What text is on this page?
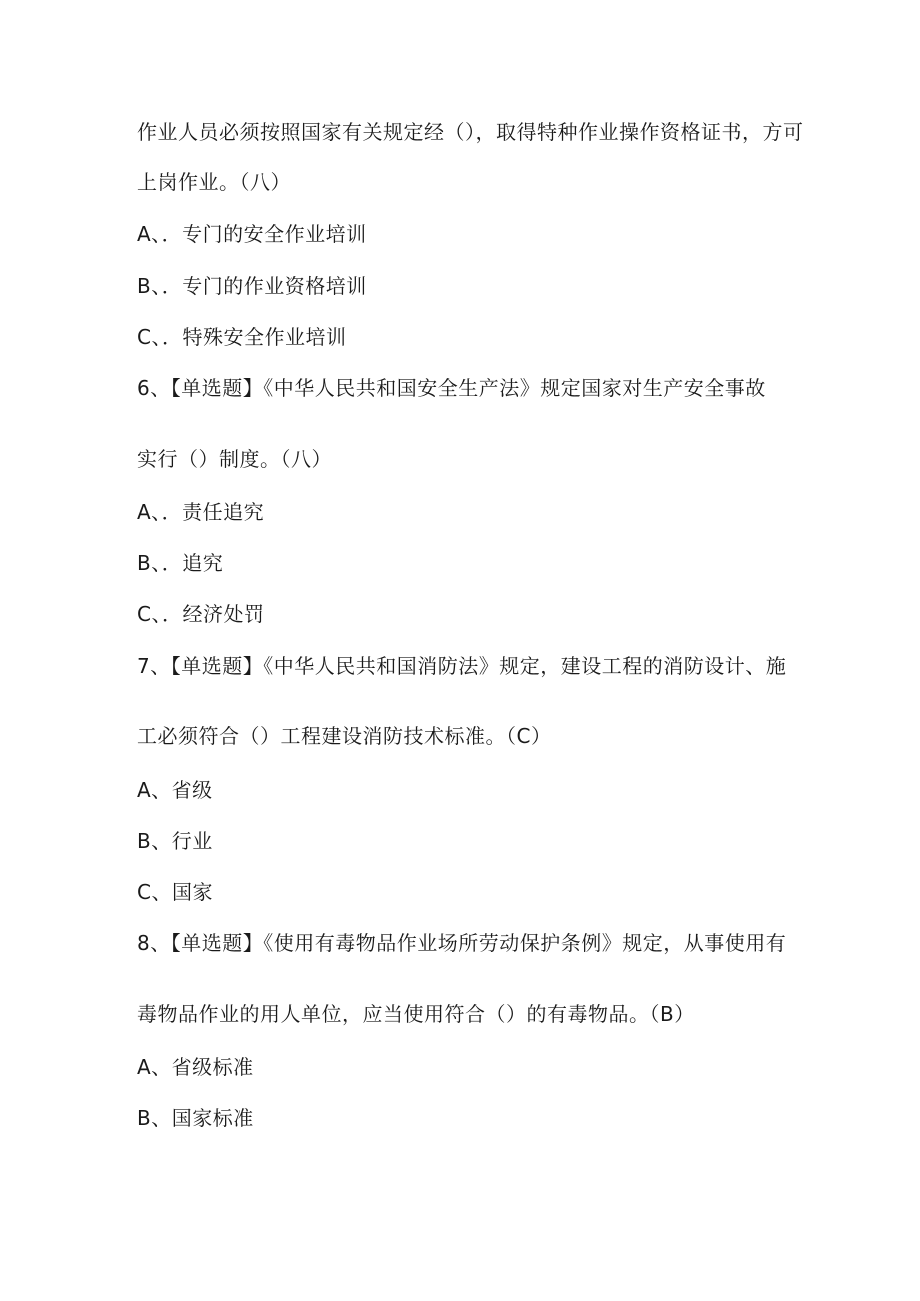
作业人员必须按照国家有关规定经（），取得特种作业操作资格证书，方可
上岗作业。（八）
A、．专门的安全作业培训
B、．专门的作业资格培训
C、．特殊安全作业培训
6、【单选题】《中华人民共和国安全生产法》规定国家对生产安全事故
实行（）制度。（八）
A、．责任追究
B、．追究
C、．经济处罚
7、【单选题】《中华人民共和国消防法》规定，建设工程的消防设计、施
工必须符合（）工程建设消防技术标准。（C）
A、省级
B、行业
C、国家
8、【单选题】《使用有毒物品作业场所劳动保护条例》规定，从事使用有
毒物品作业的用人单位，应当使用符合（）的有毒物品。（B）
A、省级标准
B、国家标准
